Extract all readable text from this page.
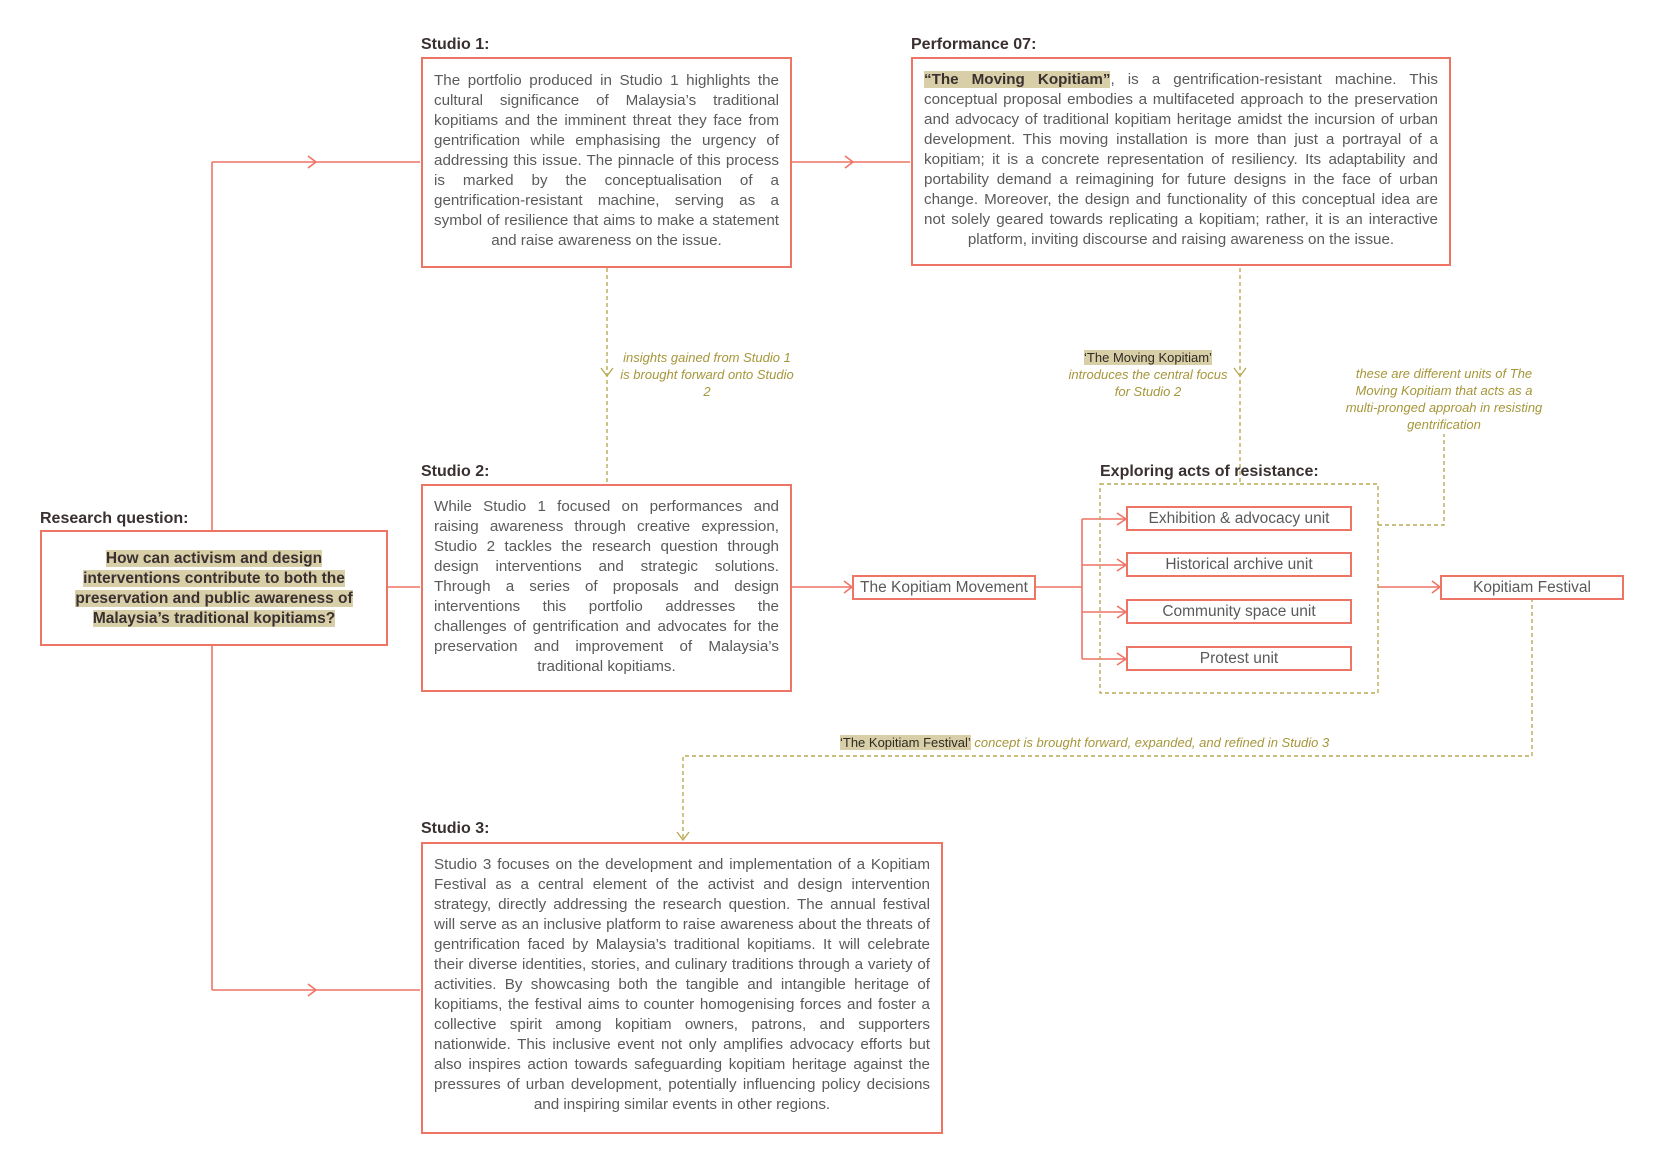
Research question:
How can activism and design interventions contribute to both the preservation and public awareness of Malaysia’s traditional kopitiams?
Studio 1:
The portfolio produced in Studio 1 highlights the cultural significance of Malaysia’s traditional kopitiams and the imminent threat they face from gentrification while emphasising the urgency of addressing this issue. The pinnacle of this process is marked by the conceptualisation of a gentrification-resistant machine, serving as a symbol of resilience that aims to make a statement and raise awareness on the issue.
Performance 07:
“The Moving Kopitiam”, is a gentrification-resistant machine. This conceptual proposal embodies a multifaceted approach to the preservation and advocacy of traditional kopitiam heritage amidst the incursion of urban development. This moving installation is more than just a portrayal of a kopitiam; it is a concrete representation of resiliency. Its adaptability and portability demand a reimagining for future designs in the face of urban change. Moreover, the design and functionality of this conceptual idea are not solely geared towards replicating a kopitiam; rather, it is an interactive platform, inviting discourse and raising awareness on the issue.
Studio 2:
While Studio 1 focused on performances and raising awareness through creative expression, Studio 2 tackles the research question through design interventions and strategic solutions. Through a series of proposals and design interventions this portfolio addresses the challenges of gentrification and advocates for the preservation and improvement of Malaysia’s traditional kopitiams.
Studio 3:
Studio 3 focuses on the development and implementation of a Kopitiam Festival as a central element of the activist and design intervention strategy, directly addressing the research question. The annual festival will serve as an inclusive platform to raise awareness about the threats of gentrification faced by Malaysia’s traditional kopitiams. It will celebrate their diverse identities, stories, and culinary traditions through a variety of activities. By showcasing both the tangible and intangible heritage of kopitiams, the festival aims to counter homogenising forces and foster a collective spirit among kopitiam owners, patrons, and supporters nationwide. This inclusive event not only amplifies advocacy efforts but also inspires action towards safeguarding kopitiam heritage against the pressures of urban development, potentially influencing policy decisions and inspiring similar events in other regions.
The Kopitiam Movement
Exploring acts of resistance:
Exhibition & advocacy unit
Historical archive unit
Community space unit
Protest unit
Kopitiam Festival
insights gained from Studio 1 is brought forward onto Studio 2
‘The Moving Kopitiam’
introduces the central focus for Studio 2
these are different units of The Moving Kopitiam that acts as a multi-pronged approah in resisting gentrification
‘The Kopitiam Festival’ concept is brought forward, expanded, and refined in Studio 3
